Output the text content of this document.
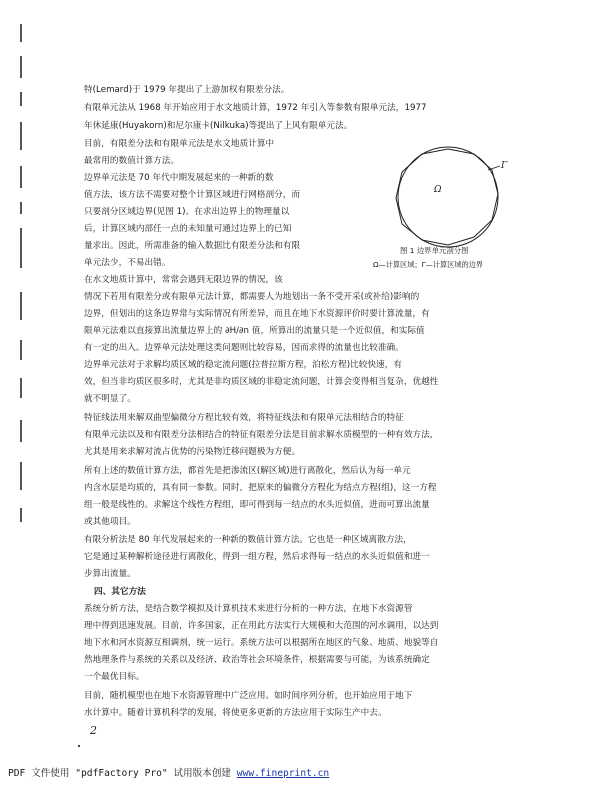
特(Lemard)于 1979 年提出了上游加权有限差分法。
有限单元法从 1968 年开始应用于水文地质计算，1972 年引入等参数有限单元法，1977
年休延康(Huyakorn)和尼尔康卡(Nilkuka)等提出了上风有限单元法。
目前，有限差分法和有限单元法是水文地质计算中
最常用的数值计算方法。
边界单元法是 70 年代中期发展起来的一种新的数
值方法，该方法不需要对整个计算区域进行网格剖分，而
只要剖分区域边界(见图 1)。在求出边界上的物理量以
后，计算区域内部任一点的未知量可通过边界上的已知
量求出。因此，所需准备的输入数据比有限差分法和有限
单元法少，不易出错。
在水文地质计算中，常常会遇到无限边界的情况，该
情况下若用有限差分或有限单元法计算，都需要人为地划出一条不受开采(或补给)影响的
边界，但划出的这条边界常与实际情况有所差异，而且在地下水资源评价时要计算流量，有
限单元法难以直接算出流量边界上的 ∂H/∂n 值，所算出的流量只是一个近似值，和实际值
有一定的出入。边界单元法处理这类问题则比较容易，因而求得的流量也比较准确。
边界单元法对于求解均质区域的稳定流问题(拉普拉斯方程，泊松方程)比较快速，有
效，但当非均质区很多时，尤其是非均质区域的非稳定流问题，计算会变得相当复杂，优越性
就不明显了。
特征线法用来解双曲型偏微分方程比较有效，将特征线法和有限单元法相结合的特征
有限单元法以及和有限差分法相结合的特征有限差分法是目前求解水质模型的一种有效方法，
尤其是用来求解对流占优势的污染物迁移问题极为方便。
所有上述的数值计算方法，都首先是把渗流区(解区域)进行离散化，然后认为每一单元
内含水层是均质的，具有同一参数。同时，把原来的偏微分方程化为结点方程(组)，这一方程
组一般是线性的。求解这个线性方程组，即可得到每一结点的水头近似值，进而可算出流量
或其他项目。
有限分析法是 80 年代发展起来的一种新的数值计算方法。它也是一种区域离散方法，
它是通过某种解析途径进行离散化，得到一组方程，然后求得每一结点的水头近似值和进一
步算出流量。
四、其它方法
系统分析方法，是结合数学模拟及计算机技术来进行分析的一种方法，在地下水资源管
理中得到迅速发展。目前，许多国家，正在用此方法实行大规模和大范围的河水调用，以达到
地下水和河水资源互相调剂，统一运行。系统方法可以根据所在地区的气象、地质、地貌等自
然地理条件与系统的关系以及经济、政治等社会环境条件，根据需要与可能，为该系统确定
一个最优目标。
目前，随机模型也在地下水资源管理中广泛应用。如时间序列分析，也开始应用于地下
水计算中。随着计算机科学的发展，将使更多更新的方法应用于实际生产中去。
Ω
Γ
图 1 边界单元剖分图
Ω—计算区域；Γ—计算区域的边界
2
PDF 文件使用 "pdfFactory Pro" 试用版本创建 www.fineprint.cn
